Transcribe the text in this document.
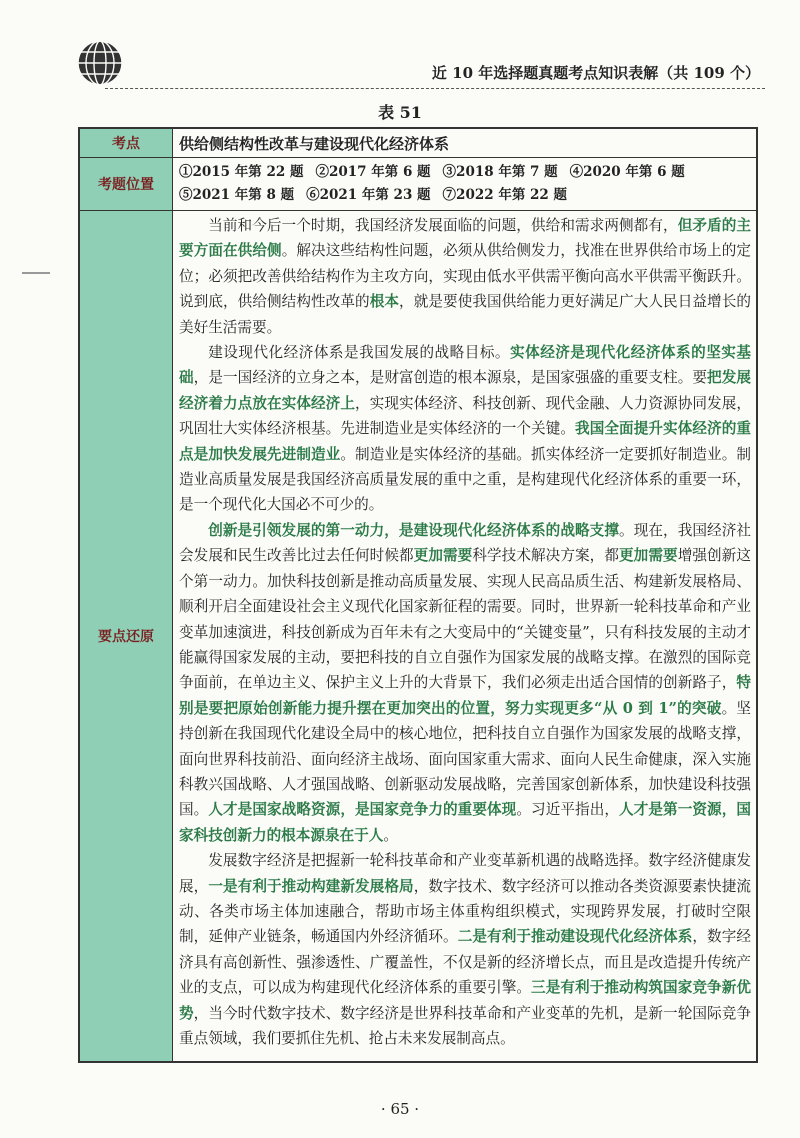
近 10 年选择题真题考点知识表解（共 109 个）
表 51
考点	供给侧结构性改革与建设现代化经济体系
考题位置	①2015 年第 22 题 ②2017 年第 6 题 ③2018 年第 7 题 ④2020 年第 6 题
⑤2021 年第 8 题 ⑥2021 年第 23 题 ⑦2022 年第 22 题
要点还原	当前和今后一个时期，我国经济发展面临的问题，供给和需求两侧都有，但矛盾的主要方面在供给侧。解决这些结构性问题，必须从供给侧发力，找准在世界供给市场上的定位；必须把改善供给结构作为主攻方向，实现由低水平供需平衡向高水平供需平衡跃升。说到底，供给侧结构性改革的根本，就是要使我国供给能力更好满足广大人民日益增长的美好生活需要。

建设现代化经济体系是我国发展的战略目标。实体经济是现代化经济体系的坚实基础，是一国经济的立身之本，是财富创造的根本源泉，是国家强盛的重要支柱。要把发展经济着力点放在实体经济上，实现实体经济、科技创新、现代金融、人力资源协同发展，巩固壮大实体经济根基。先进制造业是实体经济的一个关键。我国全面提升实体经济的重点是加快发展先进制造业。制造业是实体经济的基础。抓实体经济一定要抓好制造业。制造业高质量发展是我国经济高质量发展的重中之重，是构建现代化经济体系的重要一环，是一个现代化大国必不可少的。

创新是引领发展的第一动力，是建设现代化经济体系的战略支撑。现在，我国经济社会发展和民生改善比过去任何时候都更加需要科学技术解决方案，都更加需要增强创新这个第一动力。加快科技创新是推动高质量发展、实现人民高品质生活、构建新发展格局、顺利开启全面建设社会主义现代化国家新征程的需要。同时，世界新一轮科技革命和产业变革加速演进，科技创新成为百年未有之大变局中的“关键变量”，只有科技发展的主动才能赢得国家发展的主动，要把科技的自立自强作为国家发展的战略支撑。在激烈的国际竞争面前，在单边主义、保护主义上升的大背景下，我们必须走出适合国情的创新路子，特别是要把原始创新能力提升摆在更加突出的位置，努力实现更多“从 0 到 1”的突破。坚持创新在我国现代化建设全局中的核心地位，把科技自立自强作为国家发展的战略支撑，面向世界科技前沿、面向经济主战场、面向国家重大需求、面向人民生命健康，深入实施科教兴国战略、人才强国战略、创新驱动发展战略，完善国家创新体系，加快建设科技强国。人才是国家战略资源，是国家竞争力的重要体现。习近平指出，人才是第一资源，国家科技创新力的根本源泉在于人。

发展数字经济是把握新一轮科技革命和产业变革新机遇的战略选择。数字经济健康发展，一是有利于推动构建新发展格局，数字技术、数字经济可以推动各类资源要素快捷流动、各类市场主体加速融合，帮助市场主体重构组织模式，实现跨界发展，打破时空限制，延伸产业链条，畅通国内外经济循环。二是有利于推动建设现代化经济体系，数字经济具有高创新性、强渗透性、广覆盖性，不仅是新的经济增长点，而且是改造提升传统产业的支点，可以成为构建现代化经济体系的重要引擎。三是有利于推动构筑国家竞争新优势，当今时代数字技术、数字经济是世界科技革命和产业变革的先机，是新一轮国际竞争重点领域，我们要抓住先机、抢占未来发展制高点。

· 65 ·
